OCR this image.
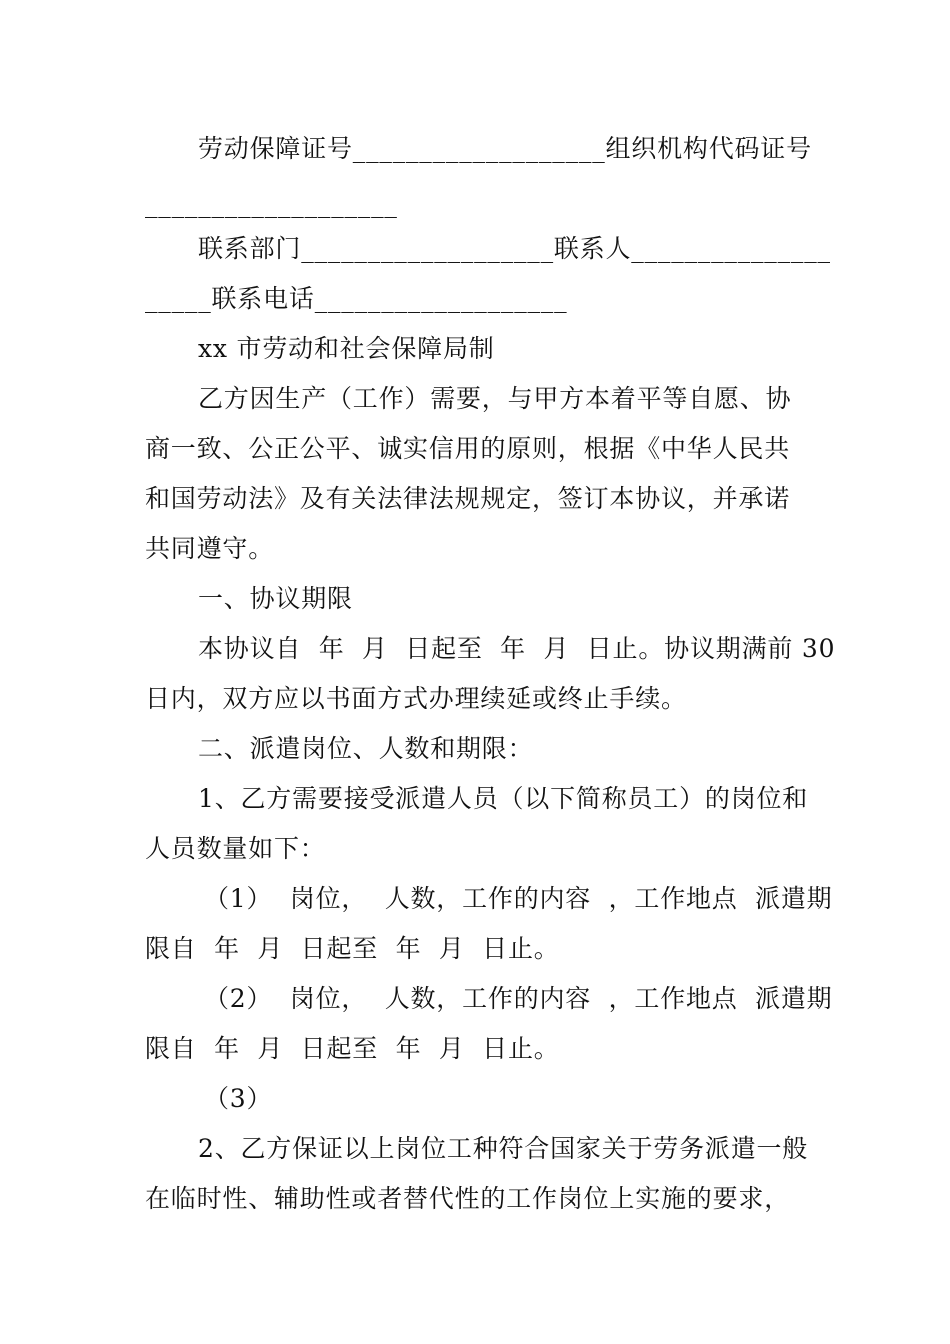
劳动保障证号___________________组织机构代码证号
___________________
联系部门___________________联系人_______________
_____联系电话___________________
xx 市劳动和社会保障局制
乙方因生产（工作）需要，与甲方本着平等自愿、协
商一致、公正公平、诚实信用的原则，根据《中华人民共
和国劳动法》及有关法律法规规定，签订本协议，并承诺
共同遵守。
一、协议期限
本协议自  年  月  日起至  年  月  日止。协议期满前 30
日内，双方应以书面方式办理续延或终止手续。
二、派遣岗位、人数和期限：
1、乙方需要接受派遣人员（以下简称员工）的岗位和
人员数量如下：
（1）  岗位，  人数，工作的内容  ，工作地点  派遣期
限自  年  月  日起至  年  月  日止。
（2）  岗位，  人数，工作的内容  ，工作地点  派遣期
限自  年  月  日起至  年  月  日止。
（3）
2、乙方保证以上岗位工种符合国家关于劳务派遣一般
在临时性、辅助性或者替代性的工作岗位上实施的要求，
